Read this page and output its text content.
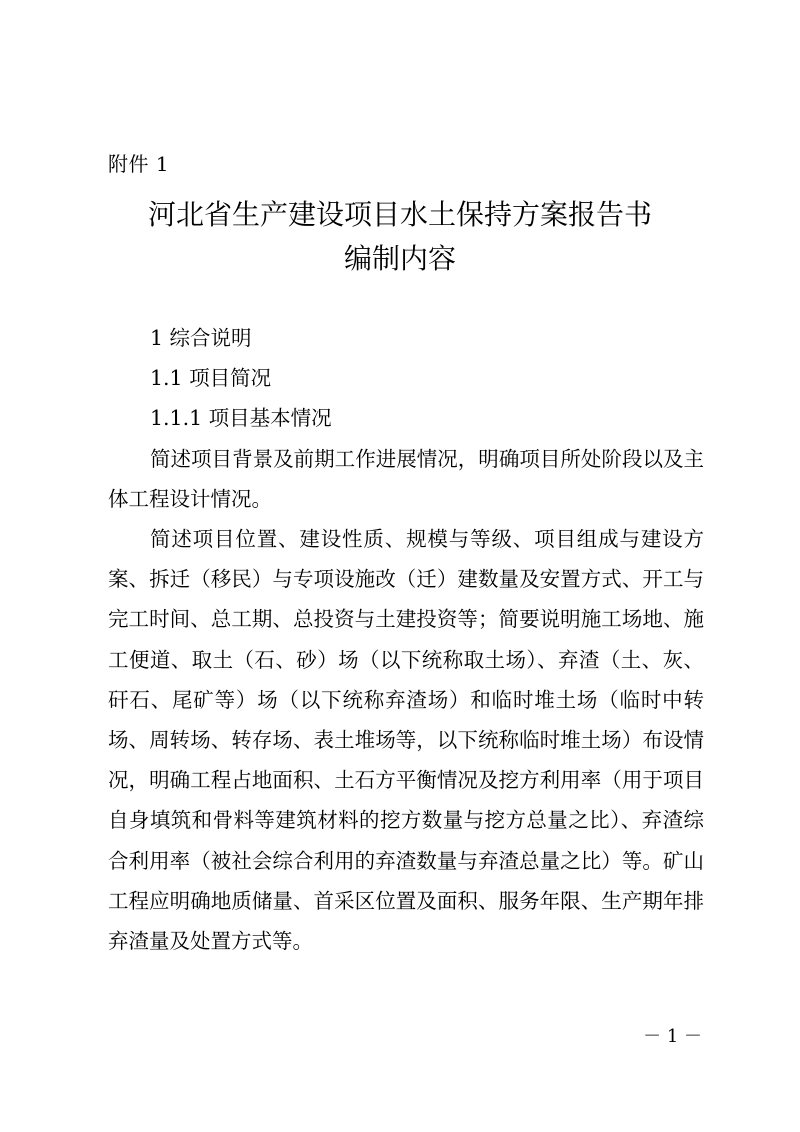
附件 1
河北省生产建设项目水土保持方案报告书
编制内容

1 综合说明

1.1 项目简况

1.1.1 项目基本情况

简述项目背景及前期工作进展情况，明确项目所处阶段以及主体工程设计情况。

简述项目位置、建设性质、规模与等级、项目组成与建设方案、拆迁（移民）与专项设施改（迁）建数量及安置方式、开工与完工时间、总工期、总投资与土建投资等；简要说明施工场地、施工便道、取土（石、砂）场（以下统称取土场）、弃渣（土、灰、矸石、尾矿等）场（以下统称弃渣场）和临时堆土场（临时中转场、周转场、转存场、表土堆场等，以下统称临时堆土场）布设情况，明确工程占地面积、土石方平衡情况及挖方利用率（用于项目自身填筑和骨料等建筑材料的挖方数量与挖方总量之比）、弃渣综合利用率（被社会综合利用的弃渣数量与弃渣总量之比）等。矿山工程应明确地质储量、首采区位置及面积、服务年限、生产期年排弃渣量及处置方式等。

－ 1 －
